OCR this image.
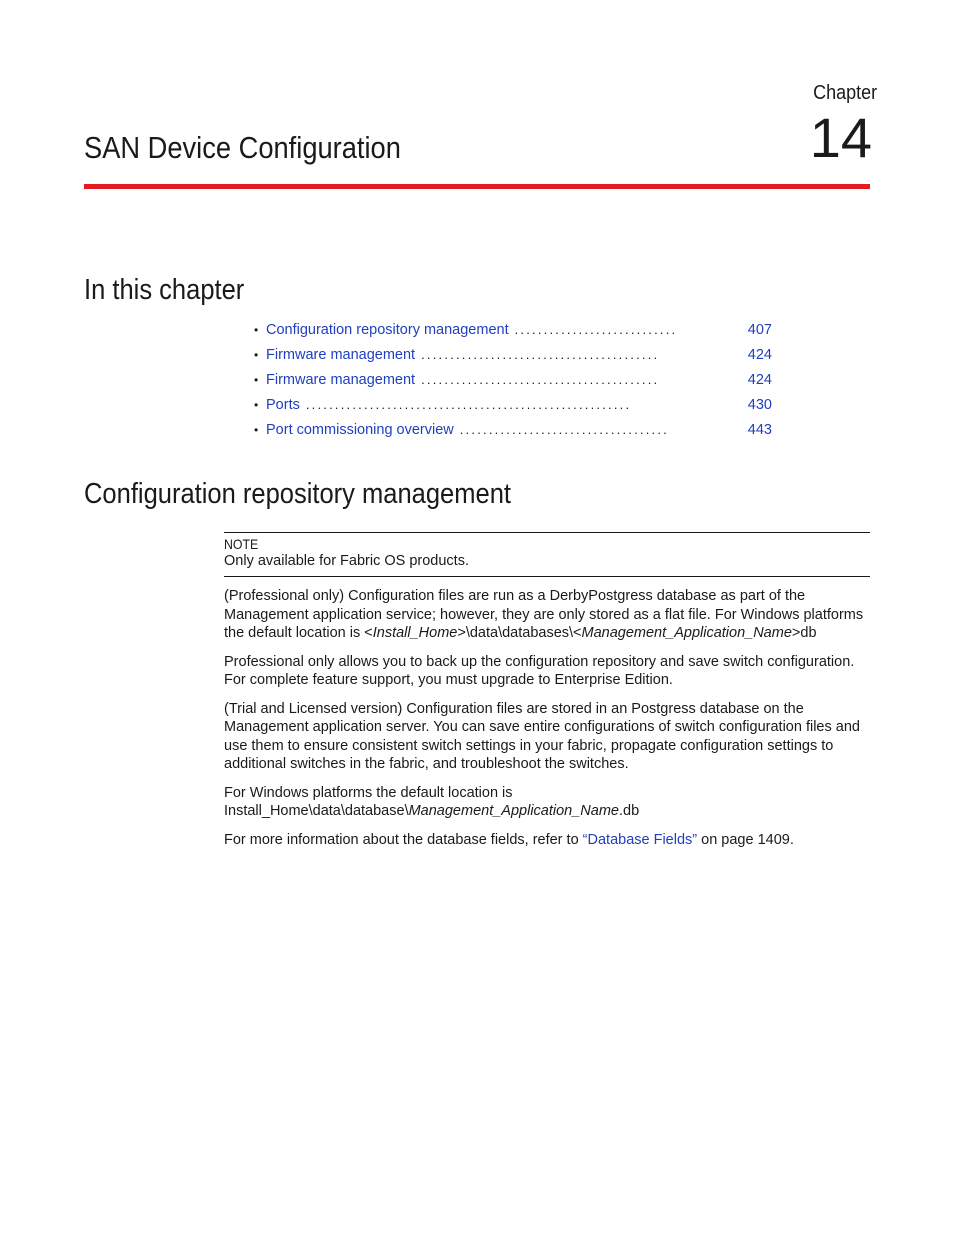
Chapter
14
SAN Device Configuration
In this chapter
• Configuration repository management ............................	407
• Firmware management .........................................	424
• Firmware management .........................................	424
• Ports ........................................................	430
• Port commissioning overview ....................................	443
Configuration repository management
NOTE
Only available for Fabric OS products.

(Professional only) Configuration files are run as a DerbyPostgress database as part of the Management application service; however, they are only stored as a flat file. For Windows platforms the default location is <Install_Home>\data\databases\<Management_Application_Name>db

Professional only allows you to back up the configuration repository and save switch configuration. For complete feature support, you must upgrade to Enterprise Edition.

(Trial and Licensed version) Configuration files are stored in an Postgress database on the Management application server. You can save entire configurations of switch configuration files and use them to ensure consistent switch settings in your fabric, propagate configuration settings to additional switches in the fabric, and troubleshoot the switches.

For Windows platforms the default location is
Install_Home\data\database\Management_Application_Name.db

For more information about the database fields, refer to “Database Fields” on page 1409.
